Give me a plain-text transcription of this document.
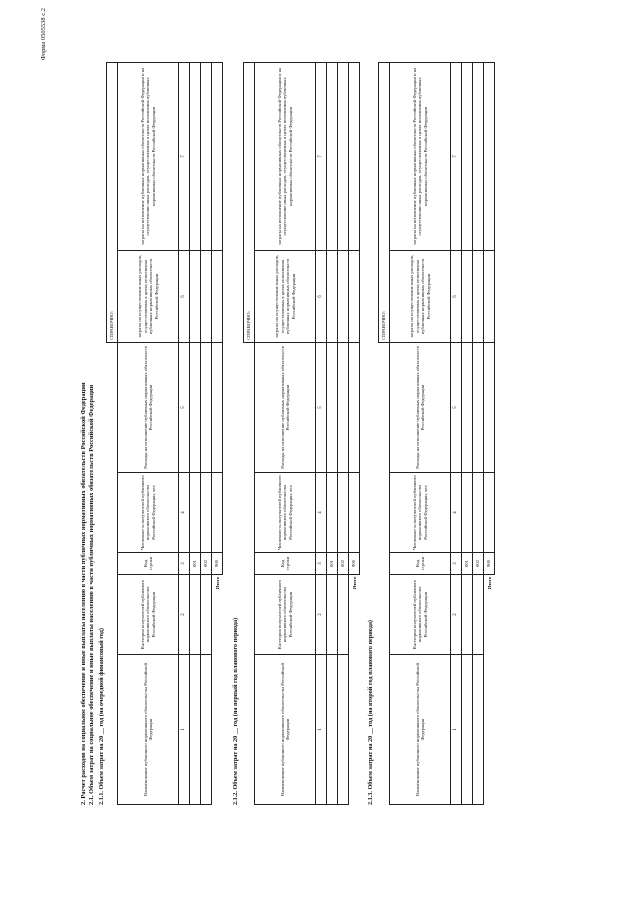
Форма 0505538 с.2
2. Расчет расходов на социальное обеспечение и иные выплаты населению в части публичных нормативных обязательств Российской Федерации 2.1. Объем затрат на социальное обеспечение и иные выплаты населению в части публичных нормативных обязательств Российской Федерации 2.1.1. Объем затрат на 20 __ год (на очередной финансовый год)
					СПРАВОЧНО:	
Наименование публичного нормативного обязательства Российской Федерации	Категория получателей публичного нормативного обязательства Российской Федерации	Код строки	Численность получателей публичного нормативного обязательства Российской Федерации, чел	Расходы на исполнение публичных нормативных обязательств Российской Федерации	затраты на осуществление иных расходов, осуществляемых в целях исполнения публичных нормативных обязательств Российской Федерации	затраты на исполнение публичных нормативных обязательств Российской Федерации и на осуществление иных расходов, осуществляемых в целях исполнения публичных нормативных обязательств Российской Федерации
1	2	3	4	5	6	7
		001				
		002				
	Итого	900				
2.1.2. Объем затрат на 20 __ год (на первый год планового периода)
					СПРАВОЧНО:	
Наименование публичного нормативного обязательства Российской Федерации	Категория получателей публичного нормативного обязательства Российской Федерации	Код строки	Численность получателей публичного нормативного обязательства Российской Федерации, чел	Расходы на исполнение публичных нормативных обязательств Российской Федерации	затраты на осуществление иных расходов, осуществляемых в целях исполнения публичных нормативных обязательств Российской Федерации	затраты на исполнение публичных нормативных обязательств Российской Федерации и на осуществление иных расходов, осуществляемых в целях исполнения публичных нормативных обязательств Российской Федерации
1	2	3	4	5	6	7
		001				
		002				
	Итого	900				
2.1.3. Объем затрат на 20 __ год (на второй год планового периода)
					СПРАВОЧНО:	
Наименование публичного нормативного обязательства Российской Федерации	Категория получателей публичного нормативного обязательства Российской Федерации	Код строки	Численность получателей публичного нормативного обязательства Российской Федерации, чел	Расходы на исполнение публичных нормативных обязательств Российской Федерации	затраты на осуществление иных расходов, осуществляемых в целях исполнения публичных нормативных обязательств Российской Федерации	затраты на исполнение публичных нормативных обязательств Российской Федерации и на осуществление иных расходов, осуществляемых в целях исполнения публичных нормативных обязательств Российской Федерации
1	2	3	4	5	6	7
		001				
		002				
	Итого	900				
